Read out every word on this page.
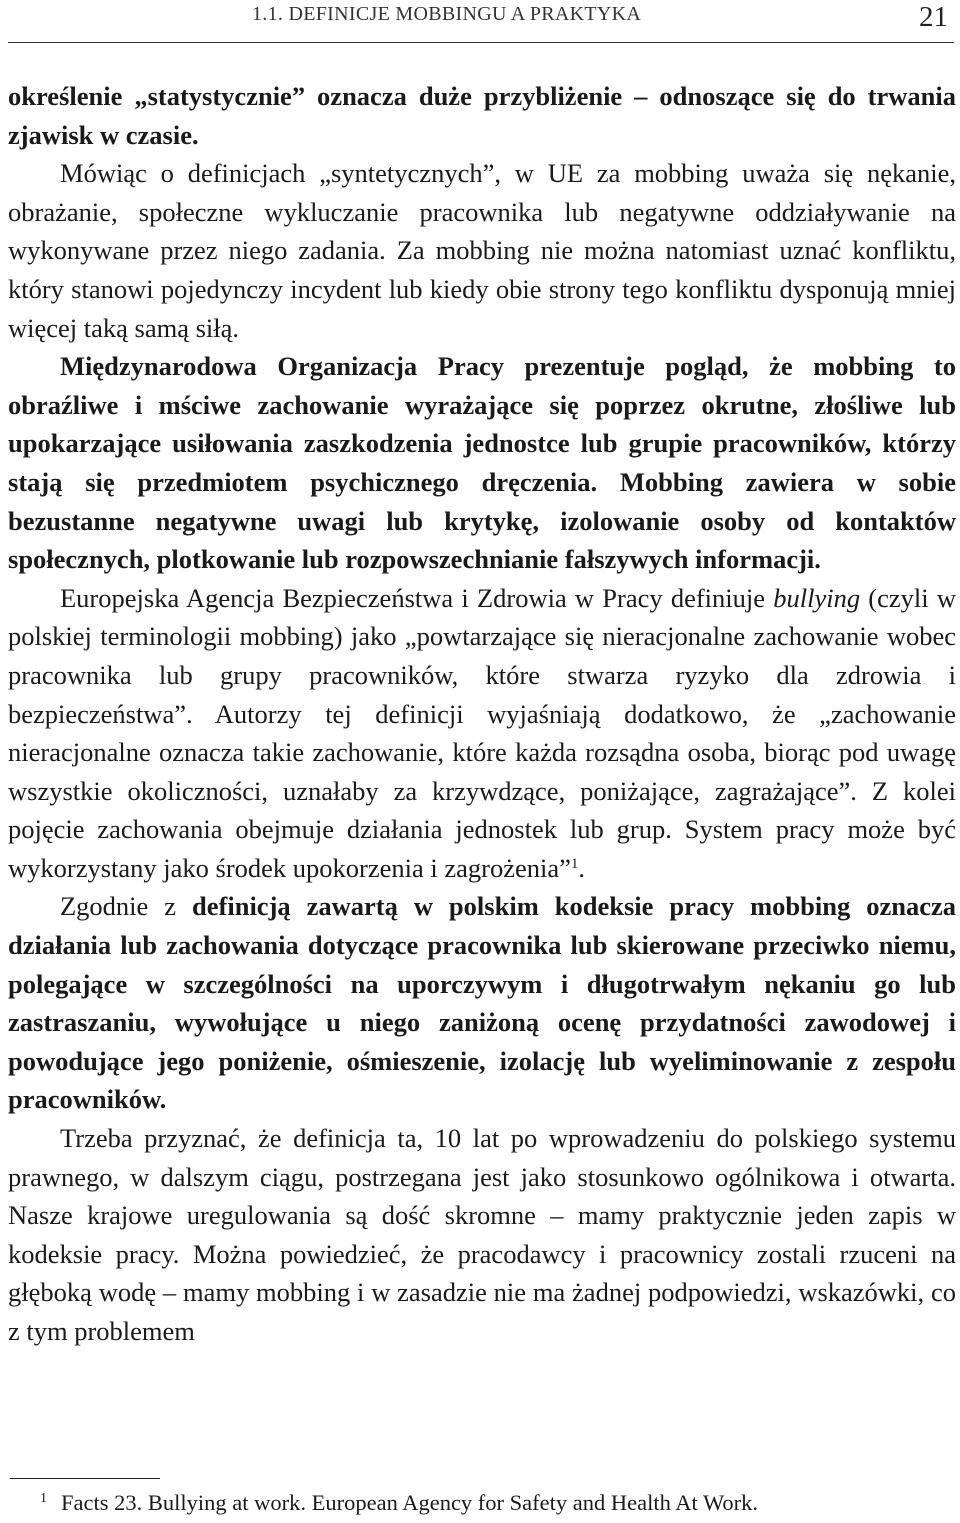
1.1. DEFINICJE MOBBINGU A PRAKTYKA	21

określenie „statystycznie” oznacza duże przybliżenie – odnoszące się do trwania zjawisk w czasie.

Mówiąc o definicjach „syntetycznych”, w UE za mobbing uważa się nękanie, obrażanie, społeczne wykluczanie pracownika lub negatywne oddziaływanie na wykonywane przez niego zadania. Za mobbing nie można natomiast uznać konfliktu, który stanowi pojedynczy incydent lub kiedy obie strony tego konfliktu dysponują mniej więcej taką samą siłą.

Międzynarodowa Organizacja Pracy prezentuje pogląd, że mobbing to obraźliwe i mściwe zachowanie wyrażające się poprzez okrutne, złośliwe lub upokarzające usiłowania zaszkodzenia jednostce lub grupie pracowników, którzy stają się przedmiotem psychicznego dręczenia. Mobbing zawiera w sobie bezustanne negatywne uwagi lub krytykę, izolowanie osoby od kontaktów społecznych, plotkowanie lub rozpowszechnianie fałszywych informacji.

Europejska Agencja Bezpieczeństwa i Zdrowia w Pracy definiuje bullying (czyli w polskiej terminologii mobbing) jako „powtarzające się nieracjonalne zachowanie wobec pracownika lub grupy pracowników, które stwarza ryzyko dla zdrowia i bezpieczeństwa”. Autorzy tej definicji wyjaśniają dodatkowo, że „zachowanie nieracjonalne oznacza takie zachowanie, które każda rozsądna osoba, biorąc pod uwagę wszystkie okoliczności, uznałaby za krzywdzące, poniżające, zagrażające”. Z kolei pojęcie zachowania obejmuje działania jednostek lub grup. System pracy może być wykorzystany jako środek upokorzenia i zagrożenia”$^1$.

Zgodnie z definicją zawartą w polskim kodeksie pracy mobbing oznacza działania lub zachowania dotyczące pracownika lub skierowane przeciwko niemu, polegające w szczególności na uporczywym i długotrwałym nękaniu go lub zastraszaniu, wywołujące u niego zaniżoną ocenę przydatności zawodowej i powodujące jego poniżenie, ośmieszenie, izolację lub wyeliminowanie z zespołu pracowników.

Trzeba przyznać, że definicja ta, 10 lat po wprowadzeniu do polskiego systemu prawnego, w dalszym ciągu, postrzegana jest jako stosunkowo ogólnikowa i otwarta. Nasze krajowe uregulowania są dość skromne – mamy praktycznie jeden zapis w kodeksie pracy. Można powiedzieć, że pracodawcy i pracownicy zostali rzuceni na głęboką wodę – mamy mobbing i w zasadzie nie ma żadnej podpowiedzi, wskazówki, co z tym problemem

$^1$ Facts 23. Bullying at work. European Agency for Safety and Health At Work.
